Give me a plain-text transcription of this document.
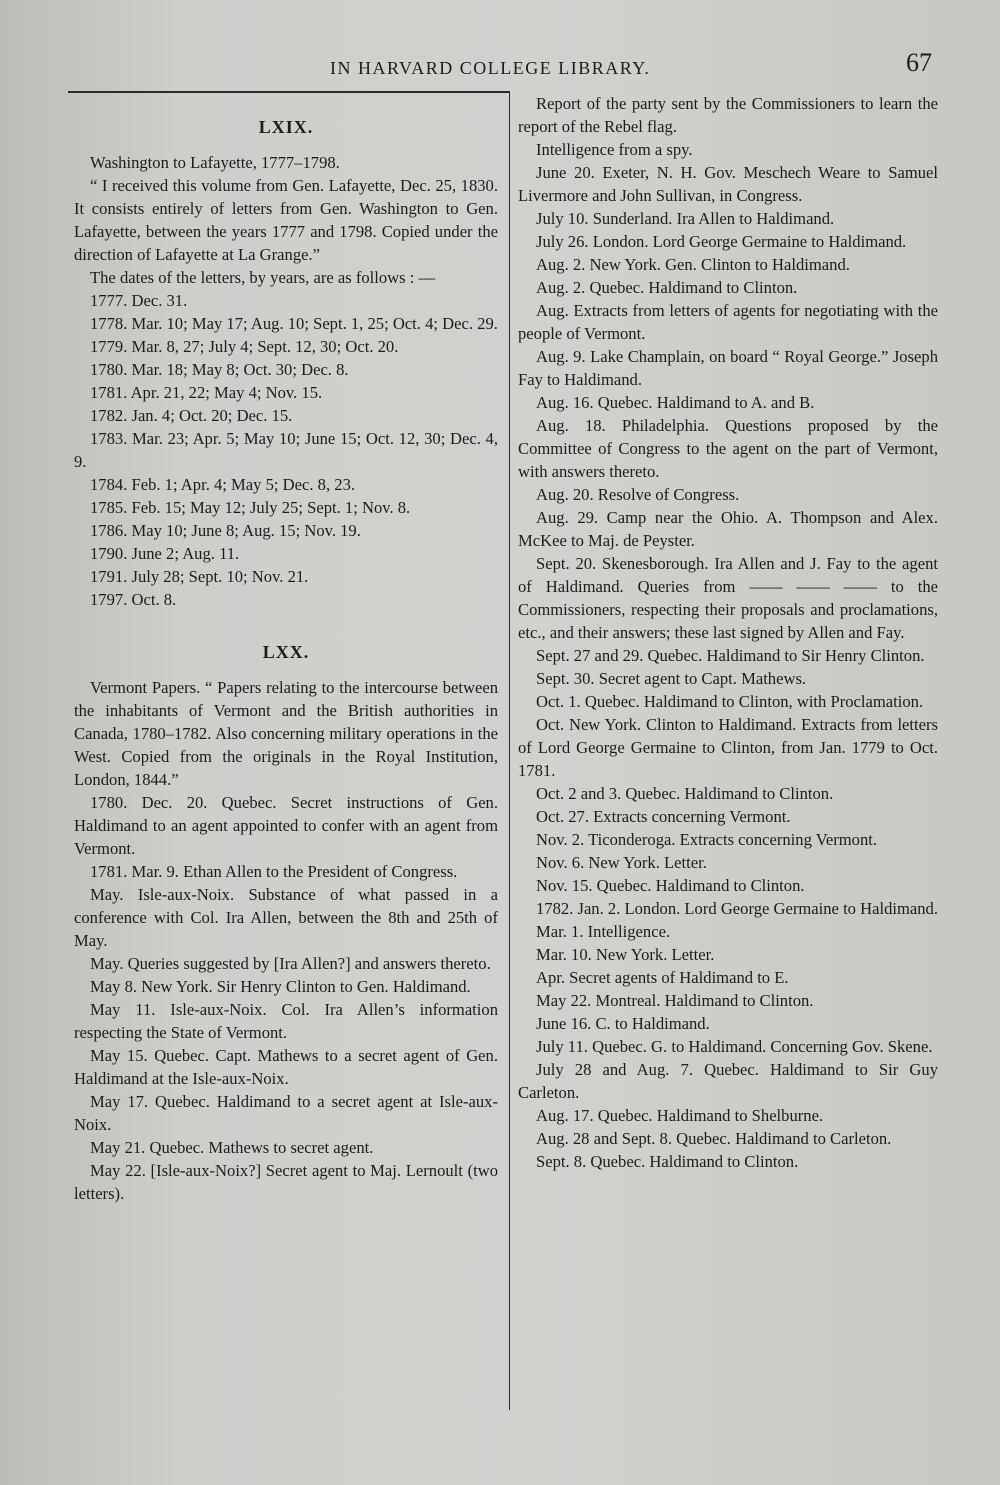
IN HARVARD COLLEGE LIBRARY.	67
LXIX.

Washington to Lafayette, 1777–1798.

“ I received this volume from Gen. Lafayette, Dec. 25, 1830. It consists entirely of letters from Gen. Washington to Gen. Lafayette, between the years 1777 and 1798. Copied under the direction of Lafayette at La Grange.”

The dates of the letters, by years, are as follows : —

1777. Dec. 31.

1778. Mar. 10; May 17; Aug. 10; Sept. 1, 25; Oct. 4; Dec. 29.

1779. Mar. 8, 27; July 4; Sept. 12, 30; Oct. 20.

1780. Mar. 18; May 8; Oct. 30; Dec. 8.

1781. Apr. 21, 22; May 4; Nov. 15.

1782. Jan. 4; Oct. 20; Dec. 15.

1783. Mar. 23; Apr. 5; May 10; June 15; Oct. 12, 30; Dec. 4, 9.

1784. Feb. 1; Apr. 4; May 5; Dec. 8, 23.

1785. Feb. 15; May 12; July 25; Sept. 1; Nov. 8.

1786. May 10; June 8; Aug. 15; Nov. 19.

1790. June 2; Aug. 11.

1791. July 28; Sept. 10; Nov. 21.

1797. Oct. 8.

LXX.

Vermont Papers. “ Papers relating to the intercourse between the inhabitants of Vermont and the British authorities in Canada, 1780–1782. Also concerning military operations in the West. Copied from the originals in the Royal Institution, London, 1844.”

1780. Dec. 20. Quebec. Secret instructions of Gen. Haldimand to an agent appointed to confer with an agent from Vermont.

1781. Mar. 9. Ethan Allen to the President of Congress.

May. Isle-aux-Noix. Substance of what passed in a conference with Col. Ira Allen, between the 8th and 25th of May.

May. Queries suggested by [Ira Allen?] and answers thereto.

May 8. New York. Sir Henry Clinton to Gen. Haldimand.

May 11. Isle-aux-Noix. Col. Ira Allen’s information respecting the State of Vermont.

May 15. Quebec. Capt. Mathews to a secret agent of Gen. Haldimand at the Isle-aux-Noix.

May 17. Quebec. Haldimand to a secret agent at Isle-aux-Noix.

May 21. Quebec. Mathews to secret agent.

May 22. [Isle-aux-Noix?] Secret agent to Maj. Lernoult (two letters).

Report of the party sent by the Commissioners to learn the report of the Rebel flag.

Intelligence from a spy.

June 20. Exeter, N. H. Gov. Meschech Weare to Samuel Livermore and John Sullivan, in Congress.

July 10. Sunderland. Ira Allen to Haldimand.

July 26. London. Lord George Germaine to Haldimand.

Aug. 2. New York. Gen. Clinton to Haldimand.

Aug. 2. Quebec. Haldimand to Clinton.

Aug. Extracts from letters of agents for negotiating with the people of Vermont.

Aug. 9. Lake Champlain, on board “ Royal George.” Joseph Fay to Haldimand.

Aug. 16. Quebec. Haldimand to A. and B.

Aug. 18. Philadelphia. Questions proposed by the Committee of Congress to the agent on the part of Vermont, with answers thereto.

Aug. 20. Resolve of Congress.

Aug. 29. Camp near the Ohio. A. Thompson and Alex. McKee to Maj. de Peyster.

Sept. 20. Skenesborough. Ira Allen and J. Fay to the agent of Haldimand. Queries from —— —— —— to the Commissioners, respecting their proposals and proclamations, etc., and their answers; these last signed by Allen and Fay.

Sept. 27 and 29. Quebec. Haldimand to Sir Henry Clinton.

Sept. 30. Secret agent to Capt. Mathews.

Oct. 1. Quebec. Haldimand to Clinton, with Proclamation.

Oct. New York. Clinton to Haldimand. Extracts from letters of Lord George Germaine to Clinton, from Jan. 1779 to Oct. 1781.

Oct. 2 and 3. Quebec. Haldimand to Clinton.

Oct. 27. Extracts concerning Vermont.

Nov. 2. Ticonderoga. Extracts concerning Vermont.

Nov. 6. New York. Letter.

Nov. 15. Quebec. Haldimand to Clinton.

1782. Jan. 2. London. Lord George Germaine to Haldimand.

Mar. 1. Intelligence.

Mar. 10. New York. Letter.

Apr. Secret agents of Haldimand to E.

May 22. Montreal. Haldimand to Clinton.

June 16. C. to Haldimand.

July 11. Quebec. G. to Haldimand. Concerning Gov. Skene.

July 28 and Aug. 7. Quebec. Haldimand to Sir Guy Carleton.

Aug. 17. Quebec. Haldimand to Shelburne.

Aug. 28 and Sept. 8. Quebec. Haldimand to Carleton.

Sept. 8. Quebec. Haldimand to Clinton.
